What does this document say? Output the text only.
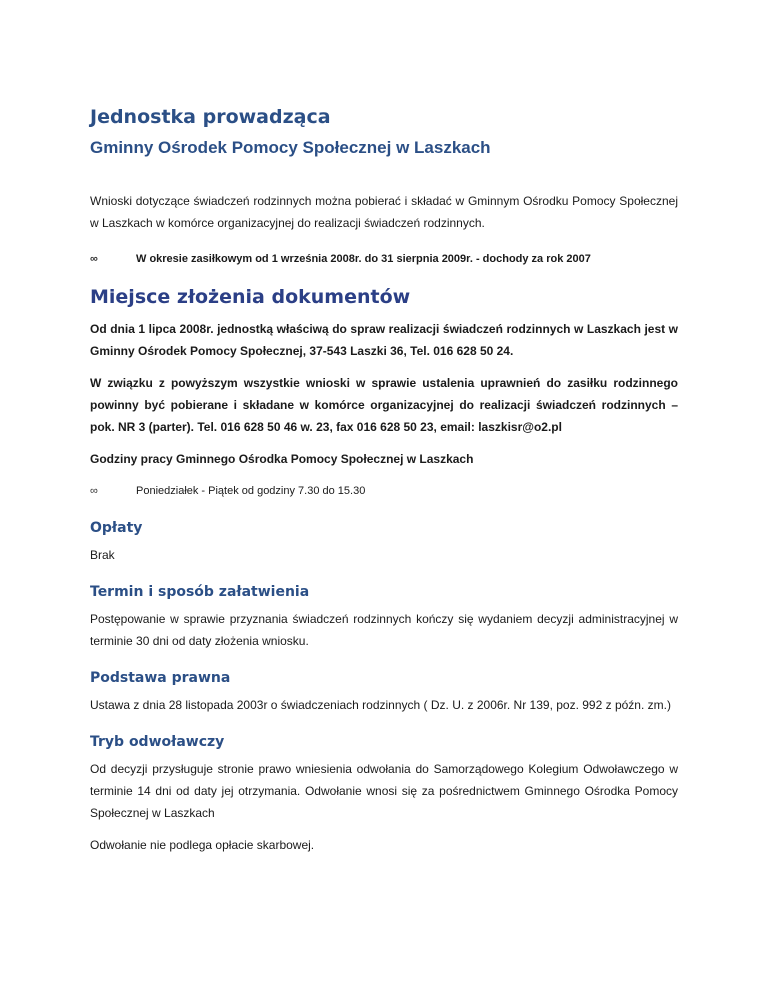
Jednostka prowadząca
Gminny Ośrodek Pomocy Społecznej w Laszkach

Wnioski dotyczące świadczeń rodzinnych można pobierać i składać w Gminnym Ośrodku Pomocy Społecznej w Laszkach w komórce organizacyjnej do realizacji świadczeń rodzinnych.

∞	W okresie zasiłkowym od 1 września 2008r. do 31 sierpnia 2009r. - dochody za rok 2007
Miejsce złożenia dokumentów

Od dnia 1 lipca 2008r. jednostką właściwą do spraw realizacji świadczeń rodzinnych w Laszkach jest w Gminny Ośrodek Pomocy Społecznej, 37-543 Laszki 36, Tel. 016 628 50 24.

W związku z powyższym wszystkie wnioski w sprawie ustalenia uprawnień do zasiłku rodzinnego powinny być pobierane i składane w komórce organizacyjnej do realizacji świadczeń rodzinnych – pok. NR 3 (parter). Tel. 016 628 50 46 w. 23, fax 016 628 50 23, email: laszkisr@o2.pl

Godziny pracy Gminnego Ośrodka Pomocy Społecznej w Laszkach

∞	Poniedziałek - Piątek od godziny 7.30 do 15.30
Opłaty

Brak

Termin i sposób załatwienia

Postępowanie w sprawie przyznania świadczeń rodzinnych kończy się wydaniem decyzji administracyjnej w terminie 30 dni od daty złożenia wniosku.

Podstawa prawna

Ustawa z dnia 28 listopada 2003r o świadczeniach rodzinnych ( Dz. U. z 2006r. Nr 139, poz. 992 z późn. zm.)

Tryb odwoławczy

Od decyzji przysługuje stronie prawo wniesienia odwołania do Samorządowego Kolegium Odwoławczego w terminie 14 dni od daty jej otrzymania. Odwołanie wnosi się za pośrednictwem Gminnego Ośrodka Pomocy Społecznej w Laszkach

Odwołanie nie podlega opłacie skarbowej.
